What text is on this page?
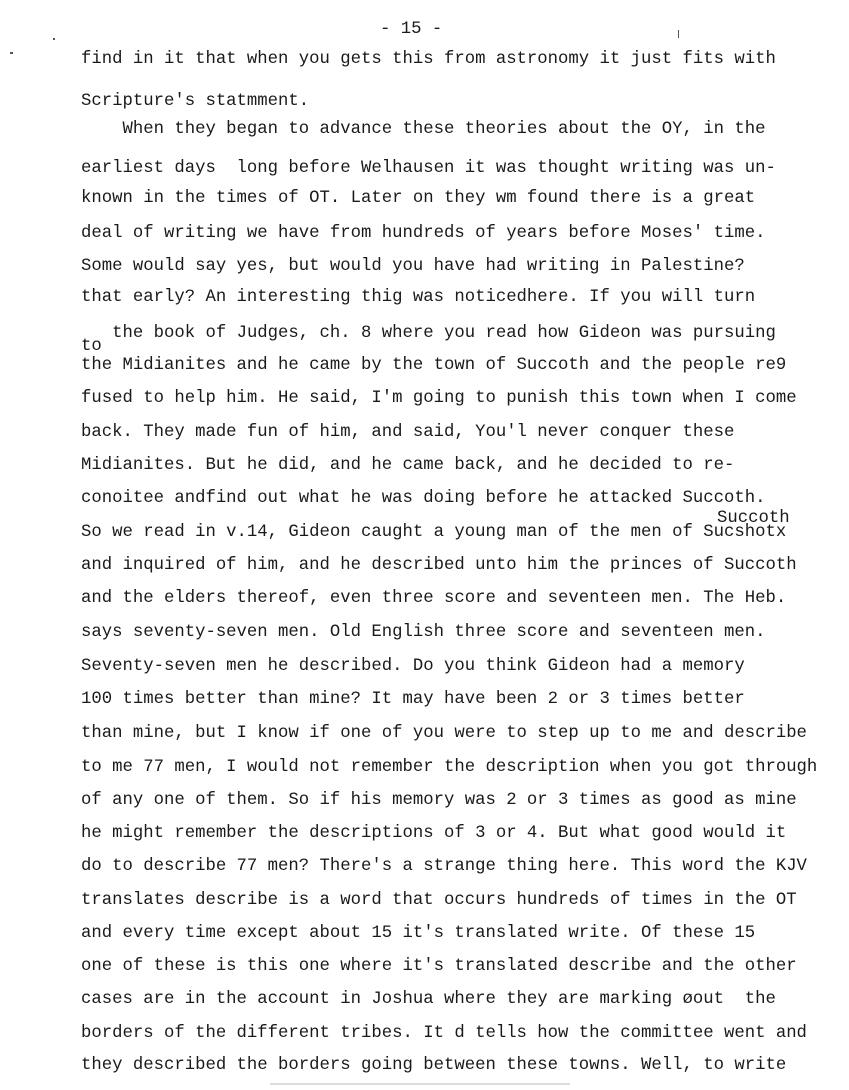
- 15 -
find in it that when you gets this from astronomy it just fits with
Scripture's statmment.
When they began to advance these theories about the OY, in the
earliest days  long before Welhausen it was thought writing was un-
known in the times of OT. Later on they wm found there is a great
deal of writing we have from hundreds of years before Moses' time.
Some would say yes, but would you have had writing in Palestine?
that early? An interesting thig was noticedhere. If you will turn
to the book of Judges, ch. 8 where you read how Gideon was pursuing
the Midianites and he came by the town of Succoth and the people re9
fused to help him. He said, I'm going to punish this town when I come
back. They made fun of him, and said, You'l never conquer these
Midianites. But he did, and he came back, and he decided to re-
conoitee andfind out what he was doing before he attacked Succoth.
So we read in v.14, Gideon caught a young man of the men of Sucshotx
and inquired of him, and he described unto him the princes of Succoth
and the elders thereof, even three score and seventeen men. The Heb.
says seventy-seven men. Old English three score and seventeen men.
Seventy-seven men he described. Do you think Gideon had a memory
100 times better than mine? It may have been 2 or 3 times better
than mine, but I know if one of you were to step up to me and describe
to me 77 men, I would not remember the description when you got through
of any one of them. So if his memory was 2 or 3 times as good as mine
he might remember the descriptions of 3 or 4. But what good would it
do to describe 77 men? There's a strange thing here. This word the KJV
translates describe is a word that occurs hundreds of times in the OT
and every time except about 15 it's translated write. Of these 15
one of these is this one where it's translated describe and the other
cases are in the account in Joshua where they are marking øout  the
borders of the different tribes. It d tells how the committee went and
they described the borders going between these towns. Well, to write
Succoth
